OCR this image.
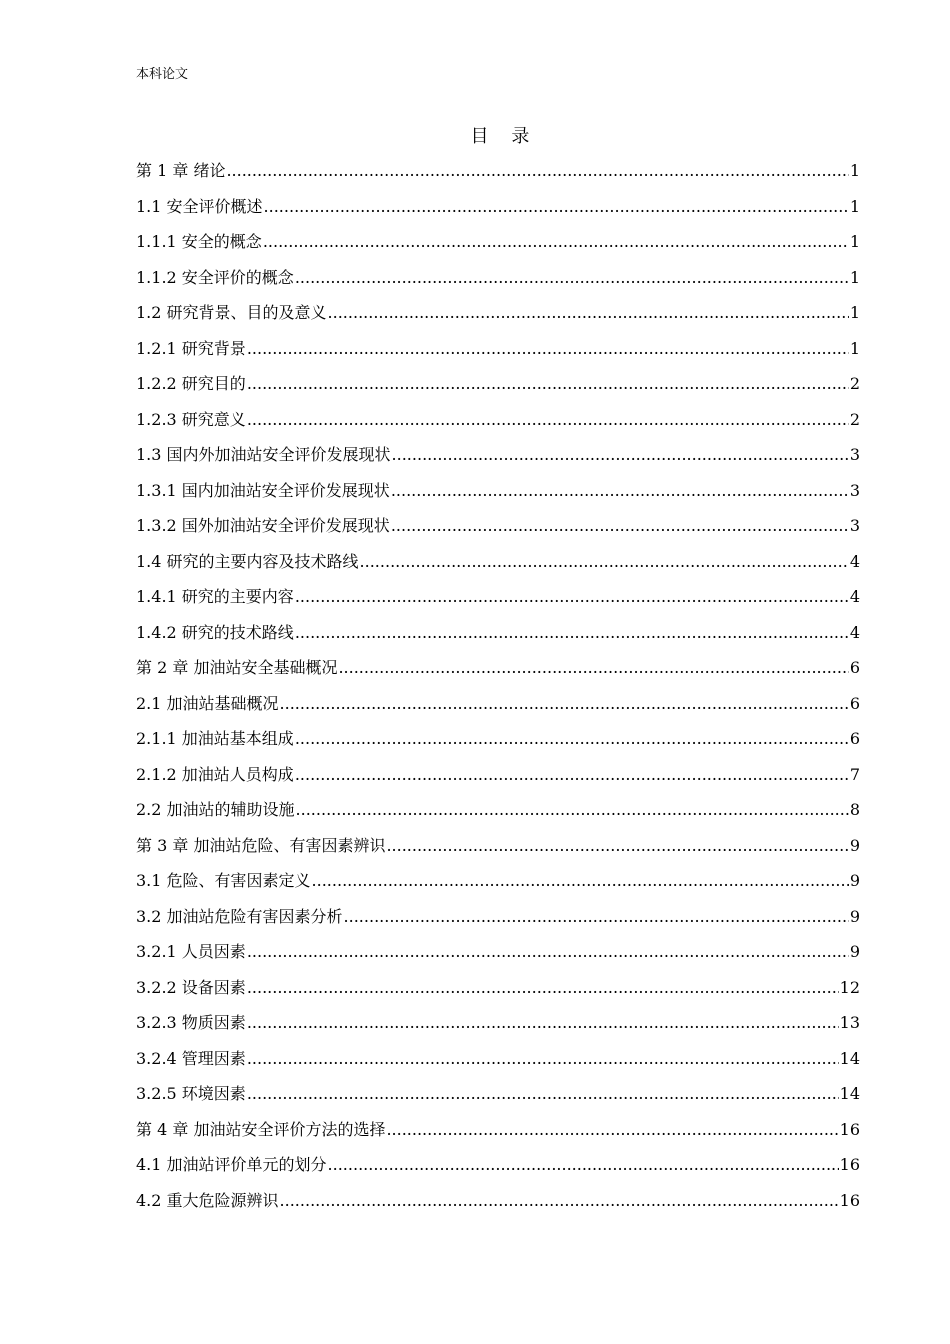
本科论文
目    录
第 1 章 绪论 .....	1
1.1 安全评价概述 .....	1
1.1.1 安全的概念 .....	1
1.1.2 安全评价的概念 .....	1
1.2 研究背景、目的及意义 .....	1
1.2.1 研究背景 .....	1
1.2.2 研究目的 .....	2
1.2.3 研究意义 .....	2
1.3 国内外加油站安全评价发展现状 .....	3
1.3.1 国内加油站安全评价发展现状 .....	3
1.3.2 国外加油站安全评价发展现状 .....	3
1.4 研究的主要内容及技术路线 .....	4
1.4.1 研究的主要内容 .....	4
1.4.2 研究的技术路线 .....	4
第 2 章 加油站安全基础概况 .....	6
2.1 加油站基础概况 .....	6
2.1.1 加油站基本组成 .....	6
2.1.2 加油站人员构成 .....	7
2.2 加油站的辅助设施 .....	8
第 3 章 加油站危险、有害因素辨识 .....	9
3.1 危险、有害因素定义 .....	9
3.2 加油站危险有害因素分析 .....	9
3.2.1 人员因素 .....	9
3.2.2 设备因素 .....	12
3.2.3 物质因素 .....	13
3.2.4 管理因素 .....	14
3.2.5 环境因素 .....	14
第 4 章 加油站安全评价方法的选择 .....	16
4.1 加油站评价单元的划分 .....	16
4.2 重大危险源辨识 .....	16
